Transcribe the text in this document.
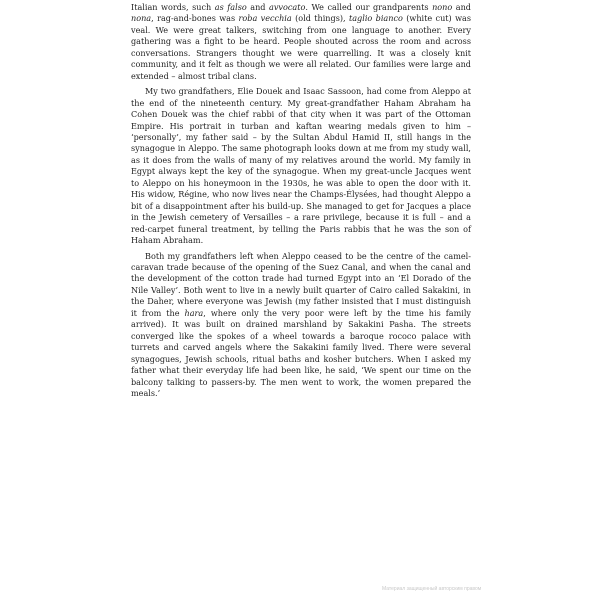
Italian words, such as falso and avvocato. We called our grandparents nono and nona, rag-and-bones was roba vecchia (old things), taglio bianco (white cut) was veal. We were great talkers, switching from one language to another. Every gathering was a fight to be heard. People shouted across the room and across conversations. Strangers thought we were quarrelling. It was a closely knit community, and it felt as though we were all related. Our families were large and extended – almost tribal clans.

My two grandfathers, Elie Douek and Isaac Sassoon, had come from Aleppo at the end of the nineteenth century. My great-grandfather Haham Abraham ha Cohen Douek was the chief rabbi of that city when it was part of the Ottoman Empire. His portrait in turban and kaftan wearing medals given to him – ‘personally’, my father said – by the Sultan Abdul Hamid II, still hangs in the synagogue in Aleppo. The same photograph looks down at me from my study wall, as it does from the walls of many of my relatives around the world. My family in Egypt always kept the key of the synagogue. When my great-uncle Jacques went to Aleppo on his honeymoon in the 1930s, he was able to open the door with it. His widow, Régine, who now lives near the Champs-Élysées, had thought Aleppo a bit of a disappointment after his build-up. She managed to get for Jacques a place in the Jewish cemetery of Versailles – a rare privilege, because it is full – and a red-carpet funeral treatment, by telling the Paris rabbis that he was the son of Haham Abraham.

Both my grandfathers left when Aleppo ceased to be the centre of the camel-caravan trade because of the opening of the Suez Canal, and when the canal and the development of the cotton trade had turned Egypt into an ‘El Dorado of the Nile Valley’. Both went to live in a newly built quarter of Cairo called Sakakini, in the Daher, where everyone was Jewish (my father insisted that I must distinguish it from the hara, where only the very poor were left by the time his family arrived). It was built on drained marshland by Sakakini Pasha. The streets converged like the spokes of a wheel towards a baroque rococo palace with turrets and carved angels where the Sakakini family lived. There were several synagogues, Jewish schools, ritual baths and kosher butchers. When I asked my father what their everyday life had been like, he said, ‘We spent our time on the balcony talking to passers-by. The men went to work, the women prepared the meals.’

Материал защищенный авторским правом
